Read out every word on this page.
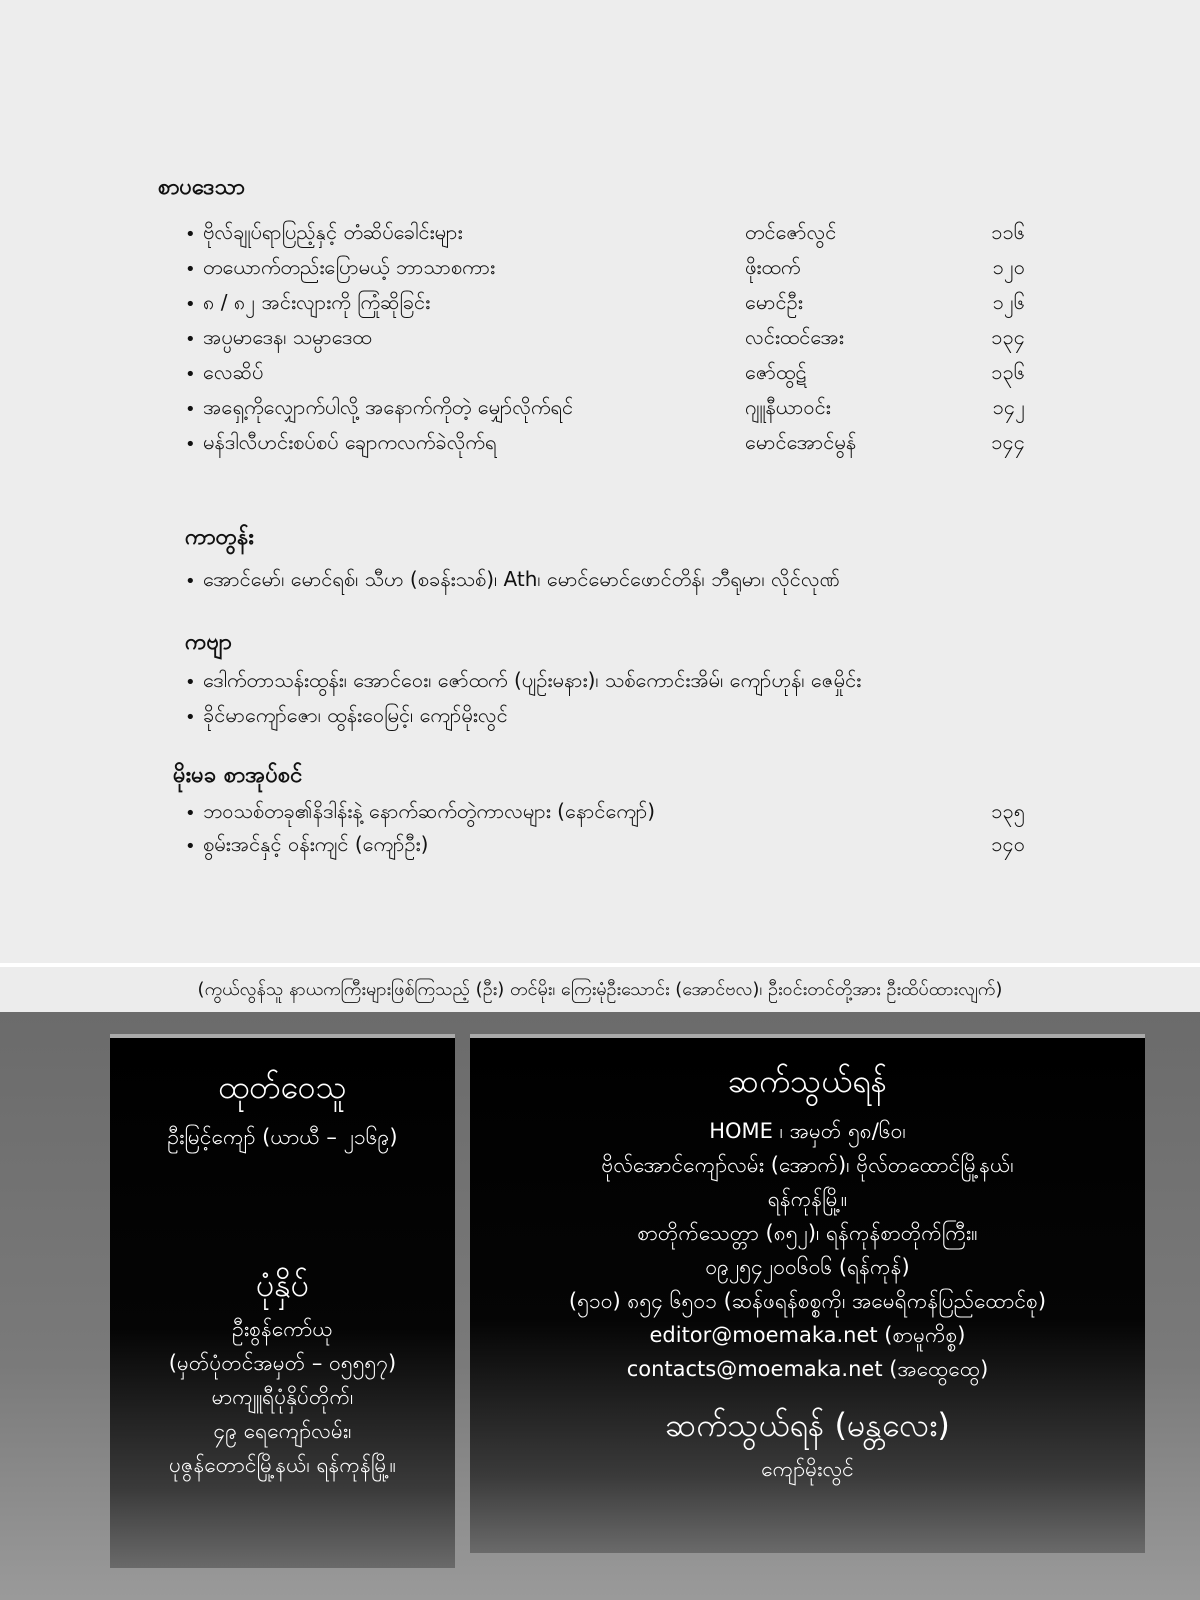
စာပဒေသာ
• ဗိုလ်ချုပ်ရာပြည့်နှင့် တံဆိပ်ခေါင်းများ	တင်ဇော်လွင်	၁၁၆
• တယောက်တည်းပြောမယ့် ဘာသာစကား	ဖိုးထက်	၁၂၀
• ၈ / ၈၂ အင်းလျားကို ကြုံဆိုခြင်း	မောင်ဦး	၁၂၆
• အပ္ပမာဒေန၊ သမ္ပာဒေထ	လင်းထင်အေး	၁၃၄
• လေဆိပ်	ဇော်ထွဋ်	၁၃၆
• အရှေ့ကိုလျှောက်ပါလို့ အနောက်ကိုတဲ့ မျှော်လိုက်ရင်	ဂျူနီယာဝင်း	၁၄၂
• မန်ဒါလီဟင်းစပ်စပ် ချောကလက်ခဲလိုက်ရ	မောင်အောင်မွန်	၁၄၄
ကာတွန်း
• အောင်မော်၊ မောင်ရစ်၊ သီဟ (စခန်းသစ်)၊ Ath၊ မောင်မောင်ဖောင်တိန်၊ ဘီရုမာ၊ လိုင်လုဏ်
ကဗျာ
• ဒေါက်တာသန်းထွန်း၊ အောင်ဝေး၊ ဇော်ထက် (ပျဉ်းမနား)၊ သစ်ကောင်းအိမ်၊ ကျော်ဟုန်၊ ဇေမှိုင်း
• ခိုင်မာကျော်ဇော၊ ထွန်းဝေမြင့်၊ ကျော်မိုးလွင်
မိုးမခ စာအုပ်စင်
• ဘဝသစ်တခု၏နိဒါန်းနဲ့ နောက်ဆက်တွဲကာလများ (နောင်ကျော်)	၁၃၅
• စွမ်းအင်နှင့် ဝန်းကျင် (ကျော်ဦး)	၁၄၀
(ကွယ်လွန်သူ နာယကကြီးများဖြစ်ကြသည့် (ဦး) တင်မိုး၊ ကြေးမုံဦးသောင်း (အောင်ဗလ)၊ ဦးဝင်းတင်တို့အား ဦးထိပ်ထားလျက်)
ထုတ်ဝေသူ
ဦးမြင့်ကျော် (ယာယီ – ၂၁၆၉)
ပုံနှိပ်
ဦးစွန်ကော်ယု
(မှတ်ပုံတင်အမှတ် – ၀၅၅၅၇)
မာကျူရီပုံနှိပ်တိုက်၊
၄၉ ရေကျော်လမ်း၊
ပုဇွန်တောင်မြို့နယ်၊ ရန်ကုန်မြို့။
ဆက်သွယ်ရန်
HOME ၊ အမှတ် ၅၈/၆၀၊
ဗိုလ်အောင်ကျော်လမ်း (အောက်)၊ ဗိုလ်တထောင်မြို့နယ်၊
ရန်ကုန်မြို့။
စာတိုက်သေတ္တာ (၈၅၂)၊ ရန်ကုန်စာတိုက်ကြီး။
၀၉၂၅၄၂၀၀၆၀၆ (ရန်ကုန်)
(၅၁၀) ၈၅၄ ၆၅၀၁ (ဆန်ဖရန်စစ္စကို၊ အမေရိကန်ပြည်ထောင်စု)
editor@moemaka.net (စာမူကိစ္စ)
contacts@moemaka.net (အထွေထွေ)
ဆက်သွယ်ရန် (မန္တလေး)
ကျော်မိုးလွင်
